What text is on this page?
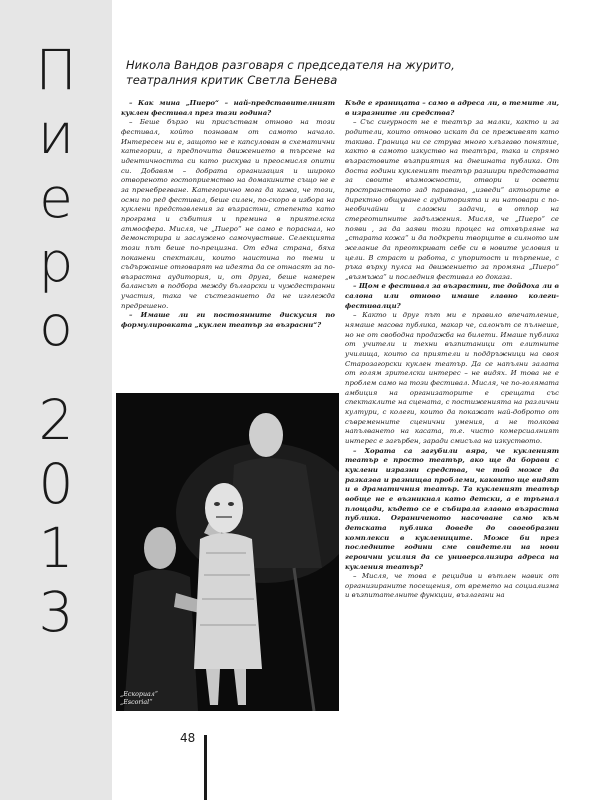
П
и
е
р
о
2
0
1
3
Никола Вандов разговаря с председателя на журито,
театралния критик Светла Бенева

– Как мина „Пиеро“ – най-представителният куклен фестивал през тази година?

– Беше бързо ни присъствам отново на този фестивал, който познавам от самото начало. Интересен ни е, защото не е капсулован в схематични категории, а предпочита движението в търсене на идентичността си като рискува и преосмисля опити си. Добавям – добрата организация и широко отвореното гостоприемство на домакините също не е за пренебрегване. Категорично мога да кажа, че този, осми по ред фестивал, беше силен, по-скоро в избора на куклени представления за възрастни, степента като програма и събития и премина в приятелска атмосфера. Мисля, че „Пиеро“ не само е пораснал, но демонстрира и заслужено самочувствие. Селекцията този път беше по-прецизна. От една страна, бяха поканени спектакли, които наистина по теми и съдържание отговарят на идеята да се отнасят за по-възрастна аудитория, и, от друга, беше намерен балансът в подбора между български и чуждестранни участия, така че състезанието да не изглежда предрешено.

– Имаше ли ги постоянните дискусия по формулировката „куклен театър за възрасни“?

Къде е границата – само в адреса ли, в темите ли, в изразните ли средства?

– Със сигурност не е театър за малки, както и за родители, които отново искат да се преживеят като такива. Граница ни се струва много хлъзгаво понятие, както в самото изкуство на театъра, така и спрямо възрастовите възприятия на днешната публика. От доста години кукленият театър разшири представата за своите възможности, отвори и освети пространството зад паравана, „изведи“ актьорите в директно общуване с аудиторията и ги натовари с по-необичайни и сложни задачи, в отпор на стереотипните задължения. Мисля, че „Пиеро“ се появи , за да заяви този процес на отхвърляне на „старата кожа“ и да подкрепи творците в силното им желание да преоткриват себе си в новите условия и цели. В страст и работа, с упоритост и търпение, с ръка върху пулса на движението за промяна „Пиеро“ „възмъжа“ и последния фестивал го доказа.

– Щом е фестивал за възрастни, те дойдоха ли в салона или отново имаше главно колеги-фестивалци?

– Както и друг път ми е правило впечатление, нямаше масова публика, макар че, салонът се пълнеше, но не от свободна продажба на билети. Имаше публика от учители и техни възпитаници от елитните училища, които са приятели и поддръжници на своя Старозагорски куклен театър. Да се напълни залата от голям зрителски интерес – не видях. И това не е проблем само на този фестивал. Мисля, че по-голямата амбиция на организаторите е срещата със спектаклите на сцената, с постиженията на различни култури, с колеги, които да покажат най-доброто от съвременните сценични умения, а не толкова напълването на касата, т.е. чисто комерсиалният интерес е загърбен, заради смисъла на изкуството.

– Хората са загубили вяра, че кукленият театър е просто театър, ако ще да борави с куклени изразни средства, че той може да разказва и разнищва проблеми, каквито ще видят и в драматичния театър. Та кукленият театър вобще не е възникнал като детски, а е тръгнал площади, където се е събирала главно възрастна публика. Ограниченото насочване само към детската публика доведе до своеобразни комплекси в куклениците. Може би през последните години сме свидетели на нови героични усилия да се универсализира адреса на кукления театър?

– Мисля, че това е рецидив и вътлен навик от организираните посещения, от времето на социализма и възпитателните функции, възлагани на

„Ескориал“
„Escorial“
48
